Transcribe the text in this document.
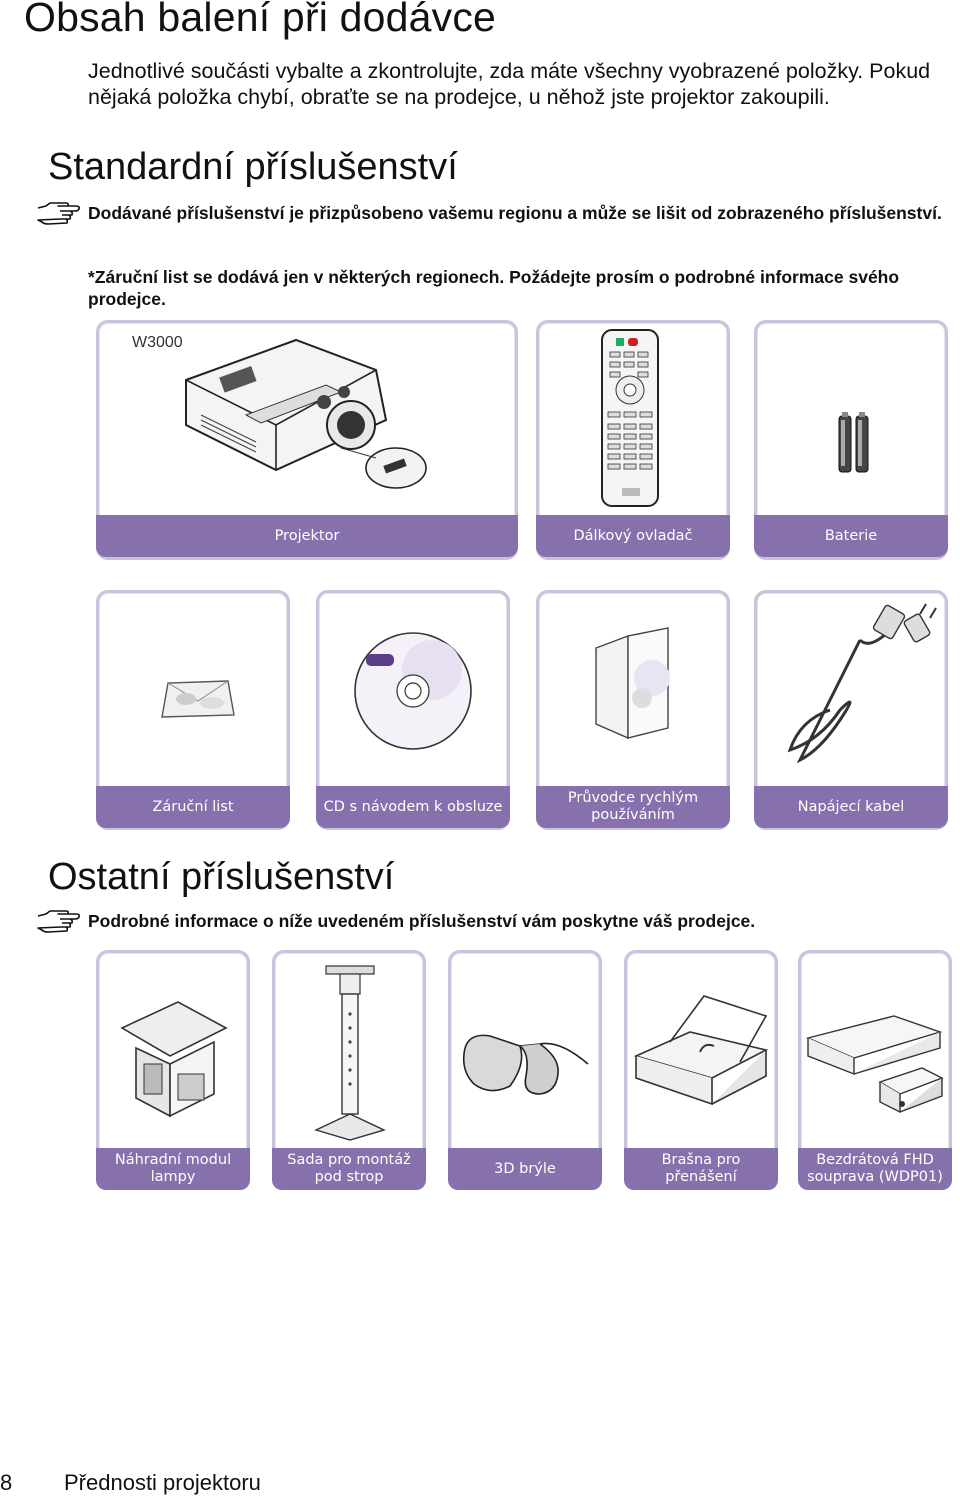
Obsah balení při dodávce
Jednotlivé součásti vybalte a zkontrolujte, zda máte všechny vyobrazené položky. Pokud nějaká položka chybí, obraťte se na prodejce, u něhož jste projektor zakoupili.
Standardní příslušenství
Dodávané příslušenství je přizpůsobeno vašemu regionu a může se lišit od zobrazeného příslušenství.
*Záruční list se dodává jen v některých regionech. Požádejte prosím o podrobné informace svého prodejce.
W3000
Projektor	Dálkový ovladač	Baterie
Záruční list	CD s návodem k obsluze
Průvodce rychlým používáním
Napájecí kabel
Ostatní příslušenství
Podrobné informace o níže uvedeném příslušenství vám poskytne váš prodejce.
Náhradní modul lampy
Sada pro montáž pod strop
3D brýle
Brašna pro přenášení
Bezdrátová FHD souprava (WDP01)
8 Přednosti projektoru
